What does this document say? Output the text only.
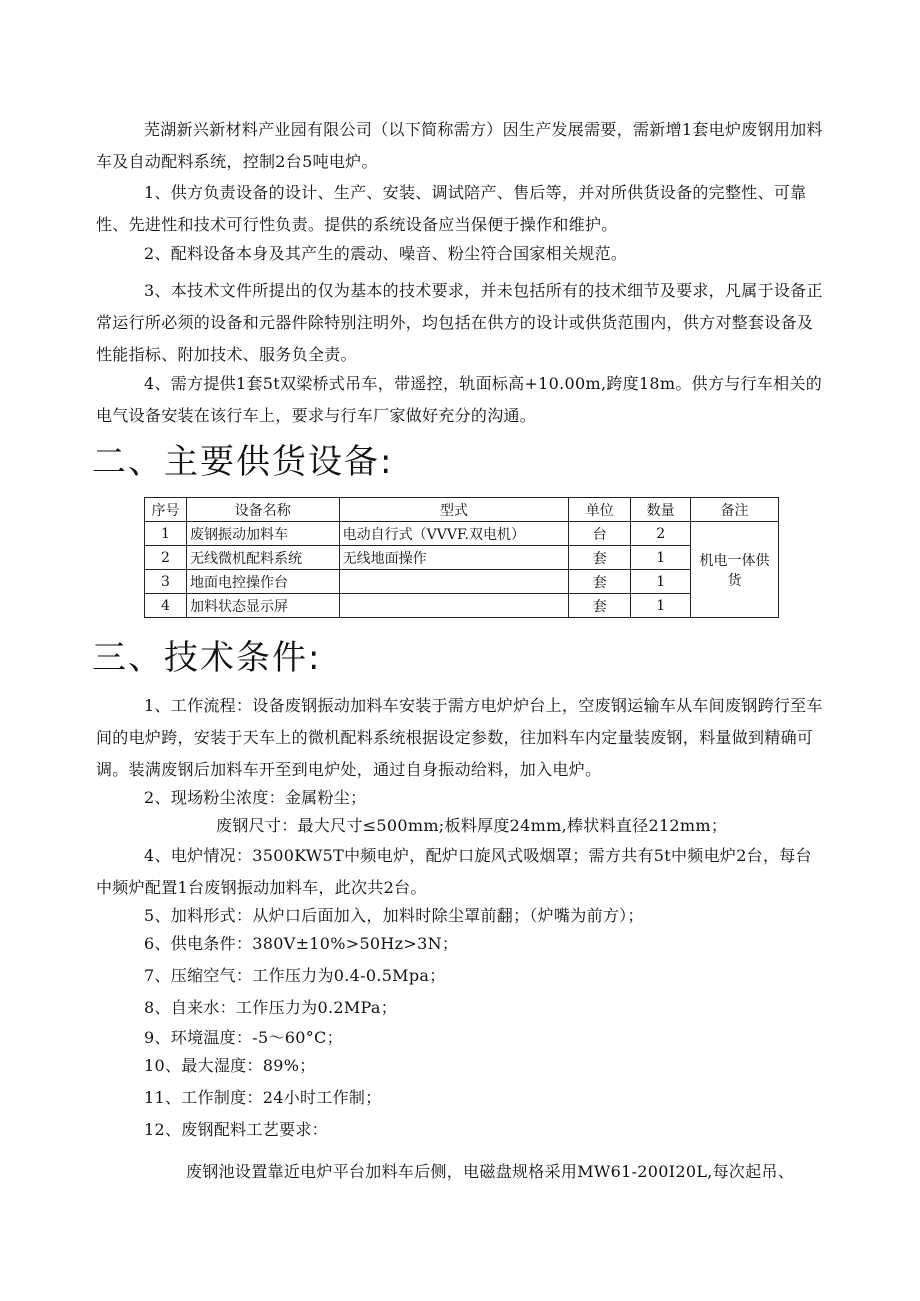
芜湖新兴新材料产业园有限公司（以下简称需方）因生产发展需要，需新增1套电炉废钢用加料车及自动配料系统，控制2台5吨电炉。

1、供方负责设备的设计、生产、安装、调试陪产、售后等，并对所供货设备的完整性、可靠性、先进性和技术可行性负责。提供的系统设备应当保便于操作和维护。

2、配料设备本身及其产生的震动、噪音、粉尘符合国家相关规范。

3、本技术文件所提出的仅为基本的技术要求，并未包括所有的技术细节及要求，凡属于设备正常运行所必须的设备和元器件除特别注明外，均包括在供方的设计或供货范围内，供方对整套设备及性能指标、附加技术、服务负全责。

4、需方提供1套5t双梁桥式吊车，带遥控，轨面标高+10.00m,跨度18m。供方与行车相关的电气设备安装在该行车上，要求与行车厂家做好充分的沟通。

二、主要供货设备:
序号	设备名称	型式	单位	数量	备注
1	废钢振动加料车	电动自行式（VVVF.双电机）	台	2	机电一体供货
2	无线微机配料系统	无线地面操作	套	1	
3	地面电控操作台		套	1	
4	加料状态显示屏		套	1	
三、技术条件:

1、工作流程：设备废钢振动加料车安装于需方电炉炉台上，空废钢运输车从车间废钢跨行至车间的电炉跨，安装于天车上的微机配料系统根据设定参数，往加料车内定量装废钢，料量做到精确可调。装满废钢后加料车开至到电炉处，通过自身振动给料，加入电炉。

2、现场粉尘浓度：金属粉尘；

废钢尺寸：最大尺寸≤500mm;板料厚度24mm,棒状料直径212mm；

4、电炉情况：3500KW5T中频电炉，配炉口旋风式吸烟罩；需方共有5t中频电炉2台，每台中频炉配置1台废钢振动加料车，此次共2台。

5、加料形式：从炉口后面加入，加料时除尘罩前翻；（炉嘴为前方）；

6、供电条件：380V±10%>50Hz>3N；

7、压缩空气：工作压力为0.4-0.5Mpa；

8、自来水：工作压力为0.2MPa；

9、环境温度：-5～60°C；

10、最大湿度：89%；

11、工作制度：24小时工作制；

12、废钢配料工艺要求：

废钢池设置靠近电炉平台加料车后侧，电磁盘规格采用MW61-200I20L,每次起吊、
